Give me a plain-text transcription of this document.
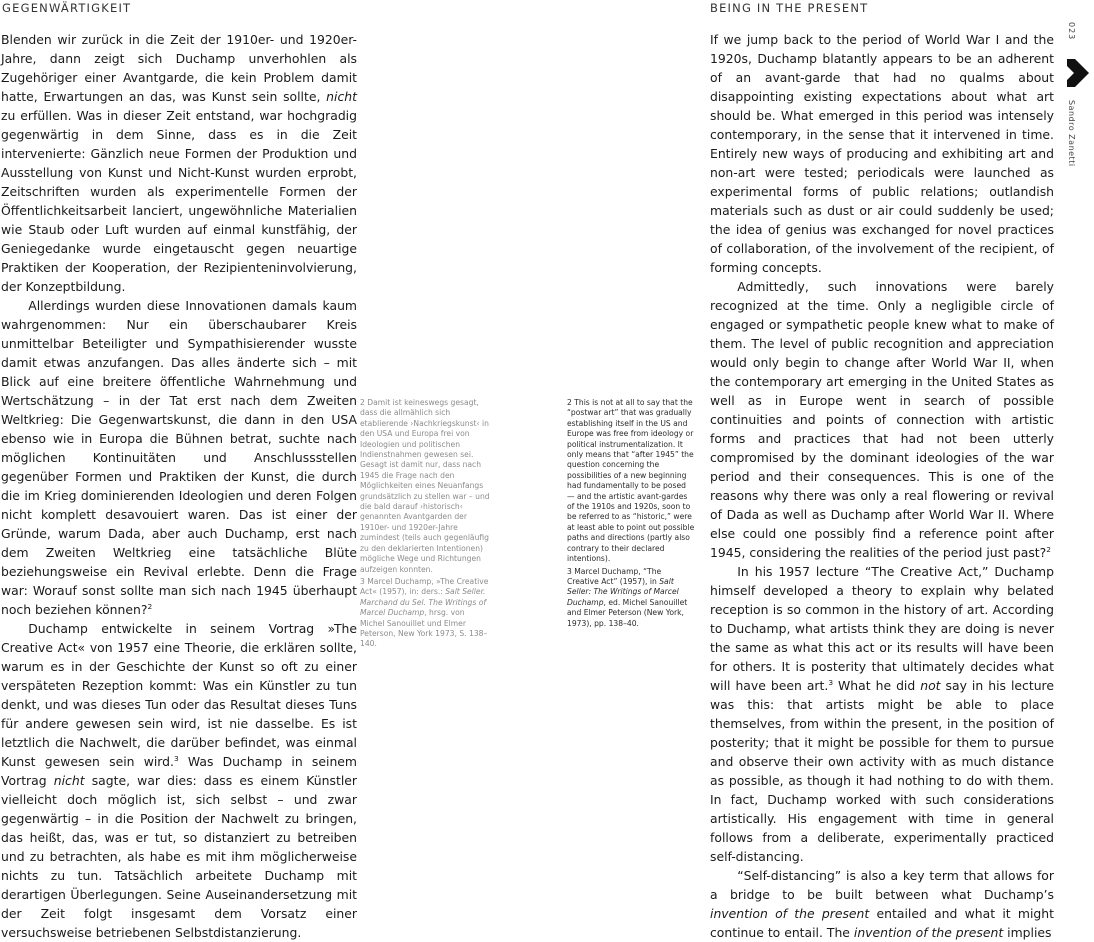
GEGENWÄRTIGKEIT	BEING IN THE PRESENT

Blenden wir zurück in die Zeit der 1910er- und 1920er-Jahre, dann zeigt sich Duchamp unverhohlen als Zugehöriger einer Avantgarde, die kein Problem damit hatte, Erwartungen an das, was Kunst sein sollte, nicht zu erfüllen. Was in dieser Zeit entstand, war hochgradig gegenwärtig in dem Sinne, dass es in die Zeit intervenierte: Gänzlich neue Formen der Produktion und Ausstellung von Kunst und Nicht-Kunst wurden erprobt, Zeitschriften wurden als experimentelle Formen der Öffentlichkeitsarbeit lanciert, ungewöhnliche Materialien wie Staub oder Luft wurden auf einmal kunstfähig, der Geniegedanke wurde eingetauscht gegen neuartige Praktiken der Kooperation, der Rezipienteninvolvierung, der Konzeptbildung.

Allerdings wurden diese Innovationen damals kaum wahrgenommen: Nur ein überschaubarer Kreis unmittelbar Beteiligter und Sympathisierender wusste damit etwas anzufangen. Das alles änderte sich – mit Blick auf eine breitere öffentliche Wahrnehmung und Wertschätzung – in der Tat erst nach dem Zweiten Weltkrieg: Die Gegenwartskunst, die dann in den USA ebenso wie in Europa die Bühnen betrat, suchte nach möglichen Kontinuitäten und Anschlussstellen gegenüber Formen und Praktiken der Kunst, die durch die im Krieg dominierenden Ideologien und deren Folgen nicht komplett desavouiert waren. Das ist einer der Gründe, warum Dada, aber auch Duchamp, erst nach dem Zweiten Weltkrieg eine tatsächliche Blüte beziehungsweise ein Revival erlebte. Denn die Frage war: Worauf sonst sollte man sich nach 1945 überhaupt noch beziehen können?$^2$

Duchamp entwickelte in seinem Vortrag »The Creative Act« von 1957 eine Theorie, die erklären sollte, warum es in der Geschichte der Kunst so oft zu einer verspäteten Rezeption kommt: Was ein Künstler zu tun denkt, und was dieses Tun oder das Resultat dieses Tuns für andere gewesen sein wird, ist nie dasselbe. Es ist letztlich die Nachwelt, die darüber befindet, was einmal Kunst gewesen sein wird.$^3$ Was Duchamp in seinem Vortrag nicht sagte, war dies: dass es einem Künstler vielleicht doch möglich ist, sich selbst – und zwar gegenwärtig – in die Position der Nachwelt zu bringen, das heißt, das, was er tut, so distanziert zu betreiben und zu betrachten, als habe es mit ihm möglicherweise nichts zu tun. Tatsächlich arbeitete Duchamp mit derartigen Überlegungen. Seine Auseinandersetzung mit der Zeit folgt insgesamt dem Vorsatz einer versuchsweise betriebenen Selbstdistanzierung.

2 Damit ist keineswegs gesagt, dass die allmählich sich etablierende ›Nachkriegskunst‹ in den USA und Europa frei von Ideologien und politischen Indienstnahmen gewesen sei. Gesagt ist damit nur, dass nach 1945 die Frage nach den Möglichkeiten eines Neuanfangs grundsätzlich zu stellen war – und die bald darauf ›historisch‹ genannten Avantgarden der 1910er- und 1920er-Jahre zumindest (teils auch gegenläufig zu den deklarierten Intentionen) mögliche Wege und Richtungen aufzeigen konnten.

3 Marcel Duchamp, »The Creative Act« (1957), in: ders.: Salt Seller. Marchand du Sel. The Writings of Marcel Duchamp, hrsg. von Michel Sanouillet und Elmer Peterson, New York 1973, S. 138–140.

2 This is not at all to say that the “postwar art” that was gradually establishing itself in the US and Europe was free from ideology or political instrumentalization. It only means that “after 1945” the question concerning the possibilities of a new beginning had fundamentally to be posed — and the artistic avant-gardes of the 1910s and 1920s, soon to be referred to as “historic,” were at least able to point out possible paths and directions (partly also contrary to their declared intentions).

3 Marcel Duchamp, “The Creative Act” (1957), in Salt Seller: The Writings of Marcel Duchamp, ed. Michel Sanouillet and Elmer Peterson (New York, 1973), pp. 138–40.

If we jump back to the period of World War I and the 1920s, Duchamp blatantly appears to be an adherent of an avant-garde that had no qualms about disappointing existing expectations about what art should be. What emerged in this period was intensely contemporary, in the sense that it intervened in time. Entirely new ways of producing and exhibiting art and non-art were tested; periodicals were launched as experimental forms of public relations; outlandish materials such as dust or air could suddenly be used; the idea of genius was exchanged for novel practices of collaboration, of the involvement of the recipient, of forming concepts.

Admittedly, such innovations were barely recognized at the time. Only a negligible circle of engaged or sympathetic people knew what to make of them. The level of public recognition and appreciation would only begin to change after World War II, when the contemporary art emerging in the United States as well as in Europe went in search of possible continuities and points of connection with artistic forms and practices that had not been utterly compromised by the dominant ideologies of the war period and their consequences. This is one of the reasons why there was only a real flowering or revival of Dada as well as Duchamp after World War II. Where else could one possibly find a reference point after 1945, considering the realities of the period just past?$^2$

In his 1957 lecture “The Creative Act,” Duchamp himself developed a theory to explain why belated reception is so common in the history of art. According to Duchamp, what artists think they are doing is never the same as what this act or its results will have been for others. It is posterity that ultimately decides what will have been art.$^3$ What he did not say in his lecture was this: that artists might be able to place themselves, from within the present, in the position of posterity; that it might be possible for them to pursue and observe their own activity with as much distance as possible, as though it had nothing to do with them. In fact, Duchamp worked with such considerations artistically. His engagement with time in general follows from a deliberate, experimentally practiced self-distancing.

“Self-distancing” is also a key term that allows for a bridge to be built between what Duchamp’s invention of the present entailed and what it might continue to entail. The invention of the present implies

023
Sandro Zanetti
